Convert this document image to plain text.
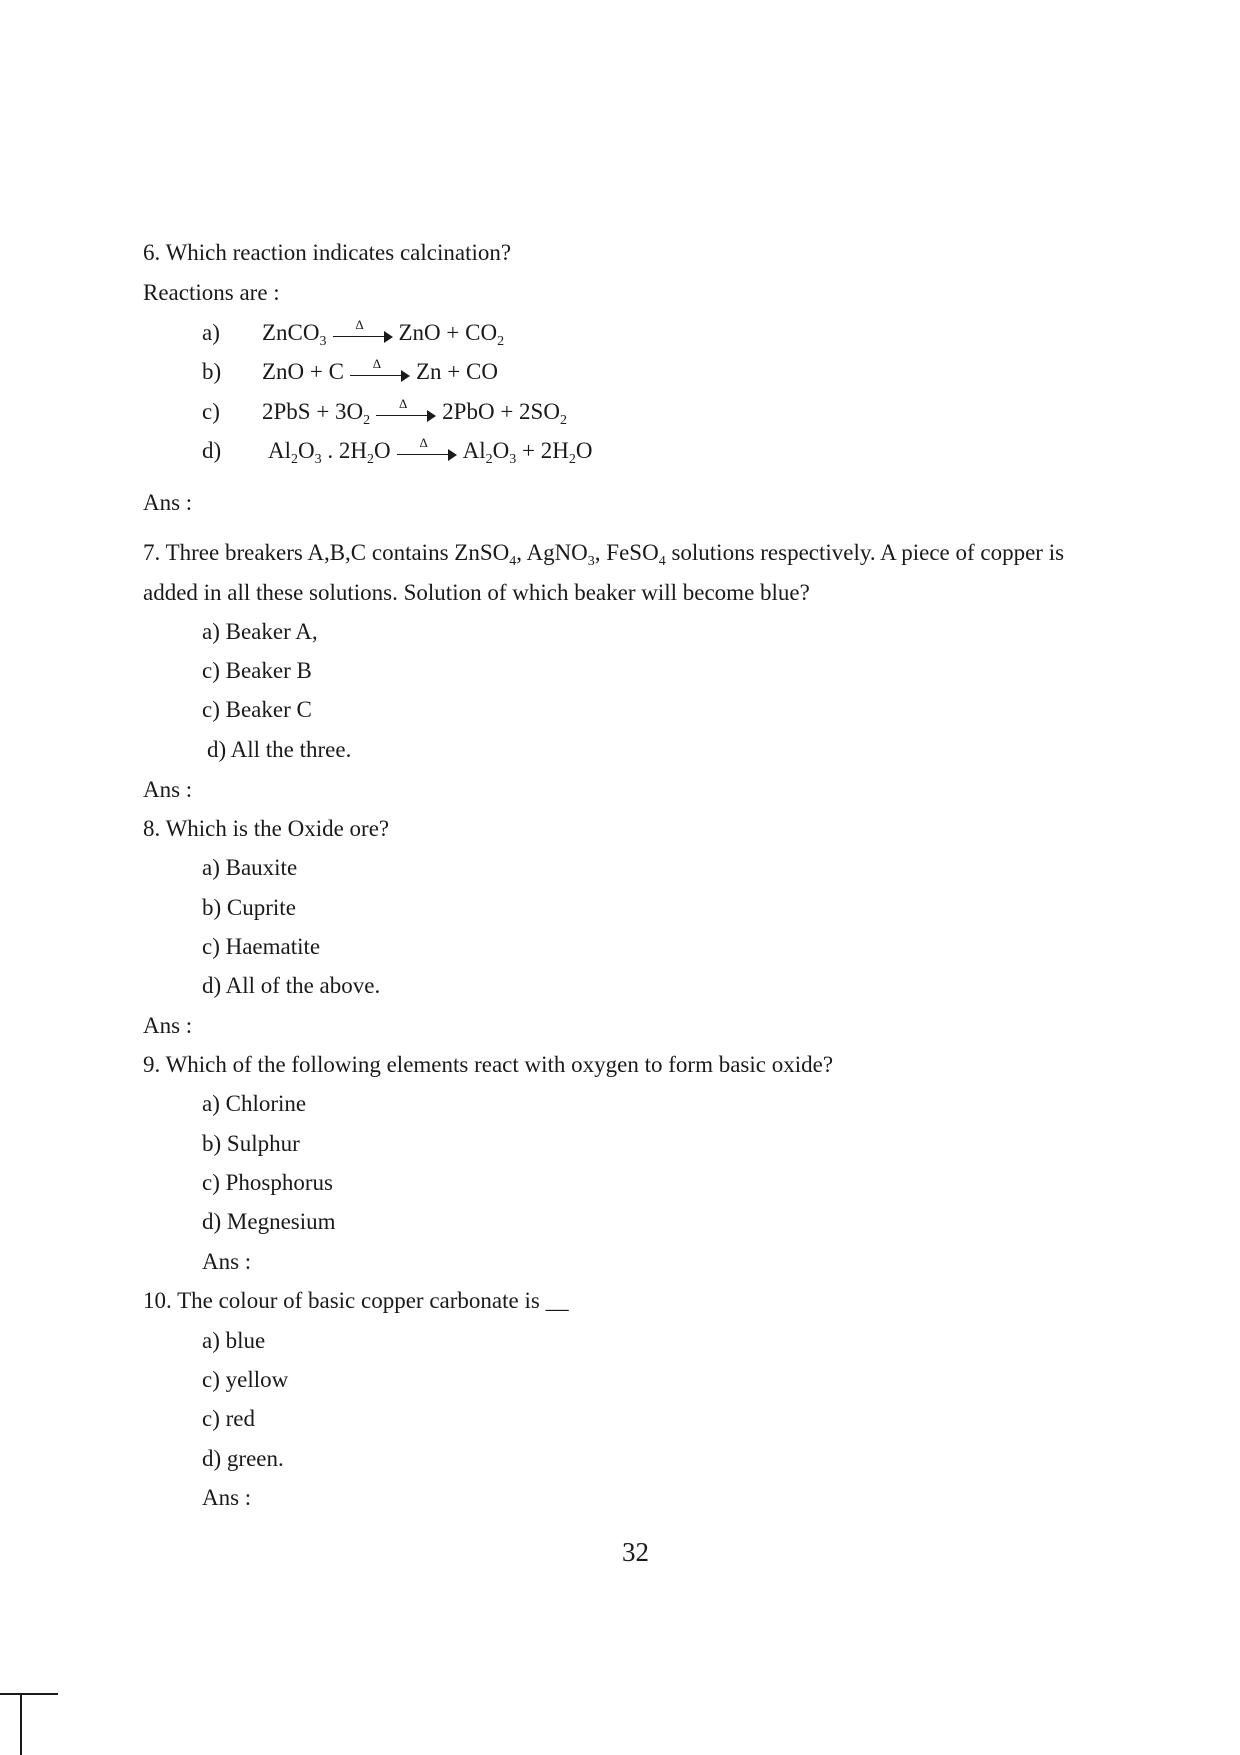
6. Which reaction indicates calcination?
Reactions are :
a) ZnCO$_3$
Δ	ZnO + $CO_2$
b) ZnO + C	Δ	Zn + CO
c) $2PbS + 3O_2$
Δ	$2PbO + 2SO_2$
d) $Al_2O_3$ . $2H_2O$	Δ	$Al_2O_3 + 2H_2O$
Ans :
7. Three breakers A,B,C contains ZnSO$_4$, AgNO$_3$, FeSO$_4$ solutions respectively. A piece of copper is
added in all these solutions. Solution of which beaker will become blue?
a) Beaker A,
c) Beaker B
c) Beaker C
d) All the three.
Ans :
8. Which is the Oxide ore?
a) Bauxite
b) Cuprite
c) Haematite
d) All of the above.
Ans :
9. Which of the following elements react with oxygen to form basic oxide?
a) Chlorine
b) Sulphur
c) Phosphorus
d) Megnesium
Ans :
10. The colour of basic copper carbonate is __
a) blue
c) yellow
c) red
d) green.
Ans :
32
